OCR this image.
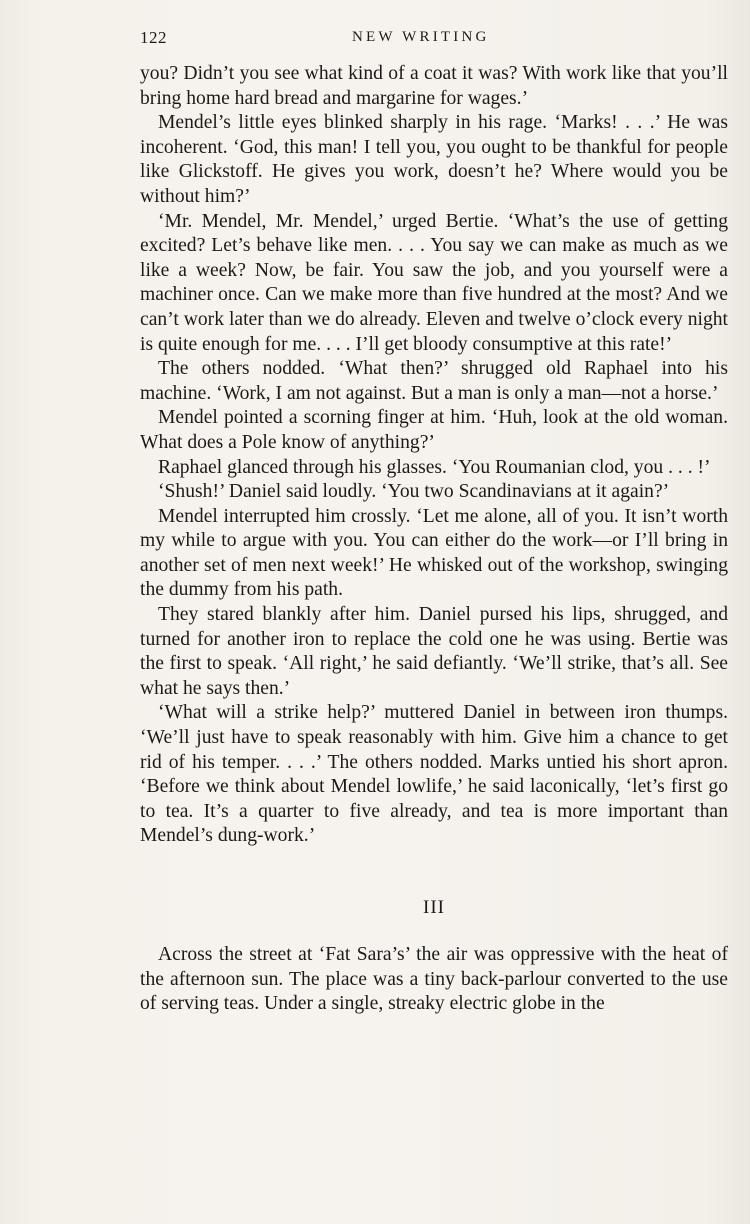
122	NEW WRITING

you? Didn’t you see what kind of a coat it was? With work like that you’ll bring home hard bread and margarine for wages.’

Mendel’s little eyes blinked sharply in his rage. ‘Marks! . . .’ He was incoherent. ‘God, this man! I tell you, you ought to be thankful for people like Glickstoff. He gives you work, doesn’t he? Where would you be without him?’

‘Mr. Mendel, Mr. Mendel,’ urged Bertie. ‘What’s the use of getting excited? Let’s behave like men. . . . You say we can make as much as we like a week? Now, be fair. You saw the job, and you yourself were a machiner once. Can we make more than five hundred at the most? And we can’t work later than we do already. Eleven and twelve o’clock every night is quite enough for me. . . . I’ll get bloody consumptive at this rate!’

The others nodded. ‘What then?’ shrugged old Raphael into his machine. ‘Work, I am not against. But a man is only a man—not a horse.’

Mendel pointed a scorning finger at him. ‘Huh, look at the old woman. What does a Pole know of anything?’

Raphael glanced through his glasses. ‘You Roumanian clod, you . . . !’

‘Shush!’ Daniel said loudly. ‘You two Scandinavians at it again?’

Mendel interrupted him crossly. ‘Let me alone, all of you. It isn’t worth my while to argue with you. You can either do the work—or I’ll bring in another set of men next week!’ He whisked out of the workshop, swinging the dummy from his path.

They stared blankly after him. Daniel pursed his lips, shrugged, and turned for another iron to replace the cold one he was using. Bertie was the first to speak. ‘All right,’ he said defiantly. ‘We’ll strike, that’s all. See what he says then.’

‘What will a strike help?’ muttered Daniel in between iron thumps. ‘We’ll just have to speak reasonably with him. Give him a chance to get rid of his temper. . . .’ The others nodded. Marks untied his short apron. ‘Before we think about Mendel lowlife,’ he said laconically, ‘let’s first go to tea. It’s a quarter to five already, and tea is more important than Mendel’s dung-work.’

III

Across the street at ‘Fat Sara’s’ the air was oppressive with the heat of the afternoon sun. The place was a tiny back-parlour converted to the use of serving teas. Under a single, streaky electric globe in the
